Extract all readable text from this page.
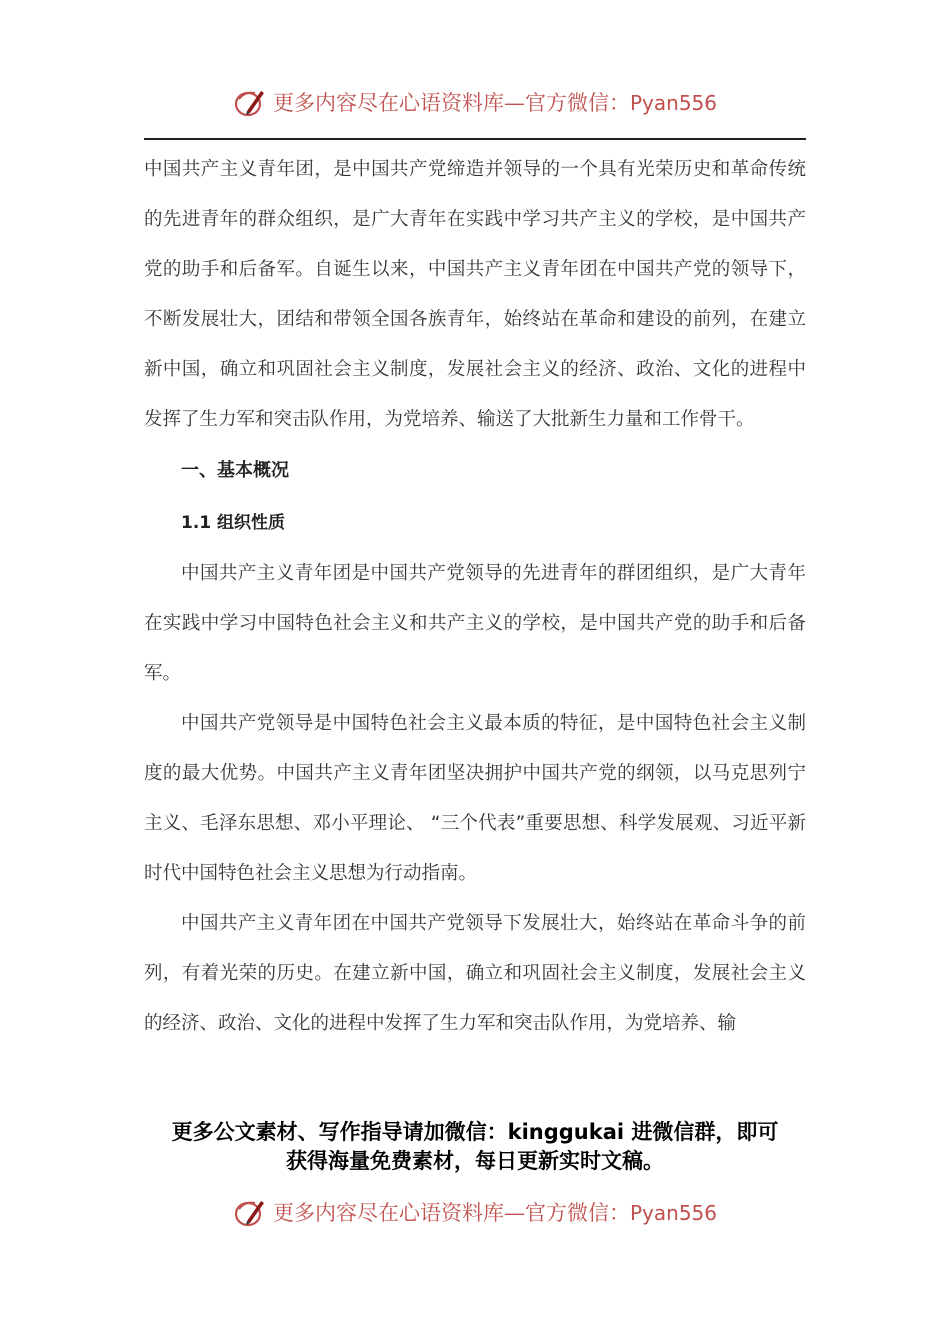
更多内容尽在心语资料库—官方微信：Pyan556

中国共产主义青年团，是中国共产党缔造并领导的一个具有光荣历史和革命传统的先进青年的群众组织，是广大青年在实践中学习共产主义的学校，是中国共产党的助手和后备军。自诞生以来，中国共产主义青年团在中国共产党的领导下，不断发展壮大，团结和带领全国各族青年，始终站在革命和建设的前列，在建立新中国，确立和巩固社会主义制度，发展社会主义的经济、政治、文化的进程中发挥了生力军和突击队作用，为党培养、输送了大批新生力量和工作骨干。

一、基本概况

1.1 组织性质

中国共产主义青年团是中国共产党领导的先进青年的群团组织，是广大青年在实践中学习中国特色社会主义和共产主义的学校，是中国共产党的助手和后备军。

中国共产党领导是中国特色社会主义最本质的特征，是中国特色社会主义制度的最大优势。中国共产主义青年团坚决拥护中国共产党的纲领，以马克思列宁主义、毛泽东思想、邓小平理论、 “三个代表”重要思想、科学发展观、习近平新时代中国特色社会主义思想为行动指南。

中国共产主义青年团在中国共产党领导下发展壮大，始终站在革命斗争的前列，有着光荣的历史。在建立新中国，确立和巩固社会主义制度，发展社会主义的经济、政治、文化的进程中发挥了生力军和突击队作用，为党培养、输

更多公文素材、写作指导请加微信：kinggukai 进微信群，即可
获得海量免费素材，每日更新实时文稿。
更多内容尽在心语资料库—官方微信：Pyan556
